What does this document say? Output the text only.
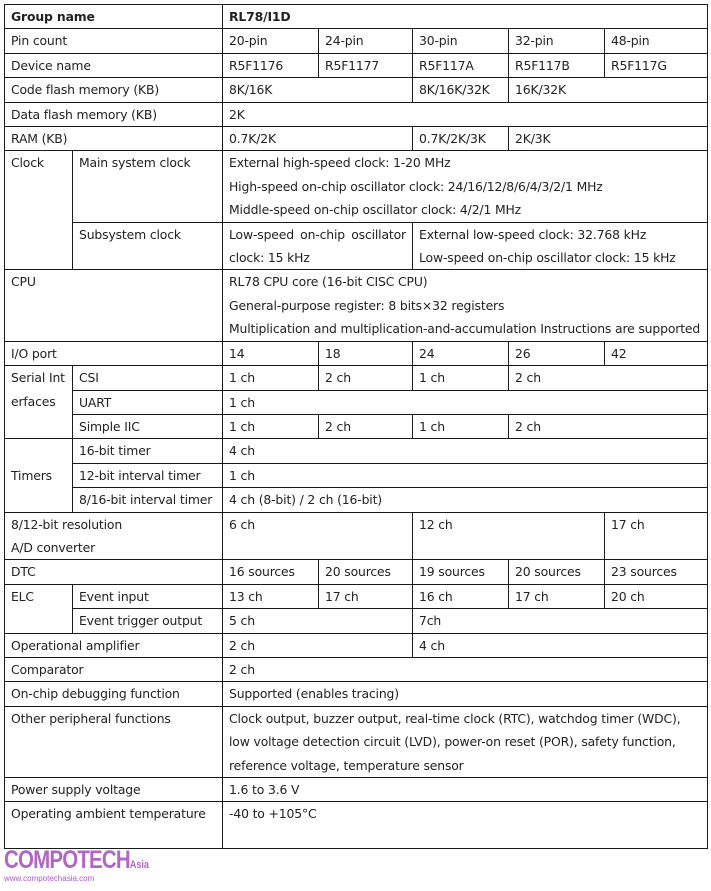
Group name		RL78/I1D				
Pin count		20-pin	24-pin	30-pin	32-pin	48-pin
Device name		R5F1176	R5F1177	R5F117A	R5F117B	R5F117G
Code flash memory (KB)		8K/16K		8K/16K/32K	16K/32K	
Data flash memory (KB)		2K				
RAM (KB)		0.7K/2K		0.7K/2K/3K	2K/3K	
Clock	Main system clock	External high-speed clock: 1-20 MHz
High-speed on-chip oscillator clock: 24/16/12/8/6/4/3/2/1 MHz
Middle-speed on-chip oscillator clock: 4/2/1 MHz				

	Subsystem clock	Low-speed on-chip oscillator clock: 15 kHz		External low-speed clock: 32.768 kHz
Low-speed on-chip oscillator clock: 15 kHz		

CPU		RL78 CPU core (16-bit CISC CPU)
General-purpose register: 8 bits×32 registers
Multiplication and multiplication-and-accumulation Instructions are supported				

I/O port		14	18	24	26	42
Serial Interfaces	CSI	1 ch	2 ch	1 ch	2 ch	
	UART	1 ch				
	Simple IIC	1 ch	2 ch	1 ch	2 ch	
Timers	16-bit timer	4 ch				
	12-bit interval timer	1 ch				
	8/16-bit interval timer	4 ch (8-bit) / 2 ch (16-bit)				

8/12-bit resolution
A/D converter		6 ch		12 ch		17 ch
DTC		16 sources	20 sources	19 sources	20 sources	23 sources
ELC	Event input	13 ch	17 ch	16 ch	17 ch	20 ch
	Event trigger output	5 ch		7ch		
Operational amplifier		2 ch		4 ch		
Comparator		2 ch				
On-chip debugging function		Supported (enables tracing)				
Other peripheral functions		Clock output, buzzer output, real-time clock (RTC), watchdog timer (WDC),
low voltage detection circuit (LVD), power-on reset (POR), safety function,
reference voltage, temperature sensor				

Power supply voltage		1.6 to 3.6 V				
Operating ambient temperature		-40 to +105°C				
COMPOTECHAsia
www.compotechasia.com
